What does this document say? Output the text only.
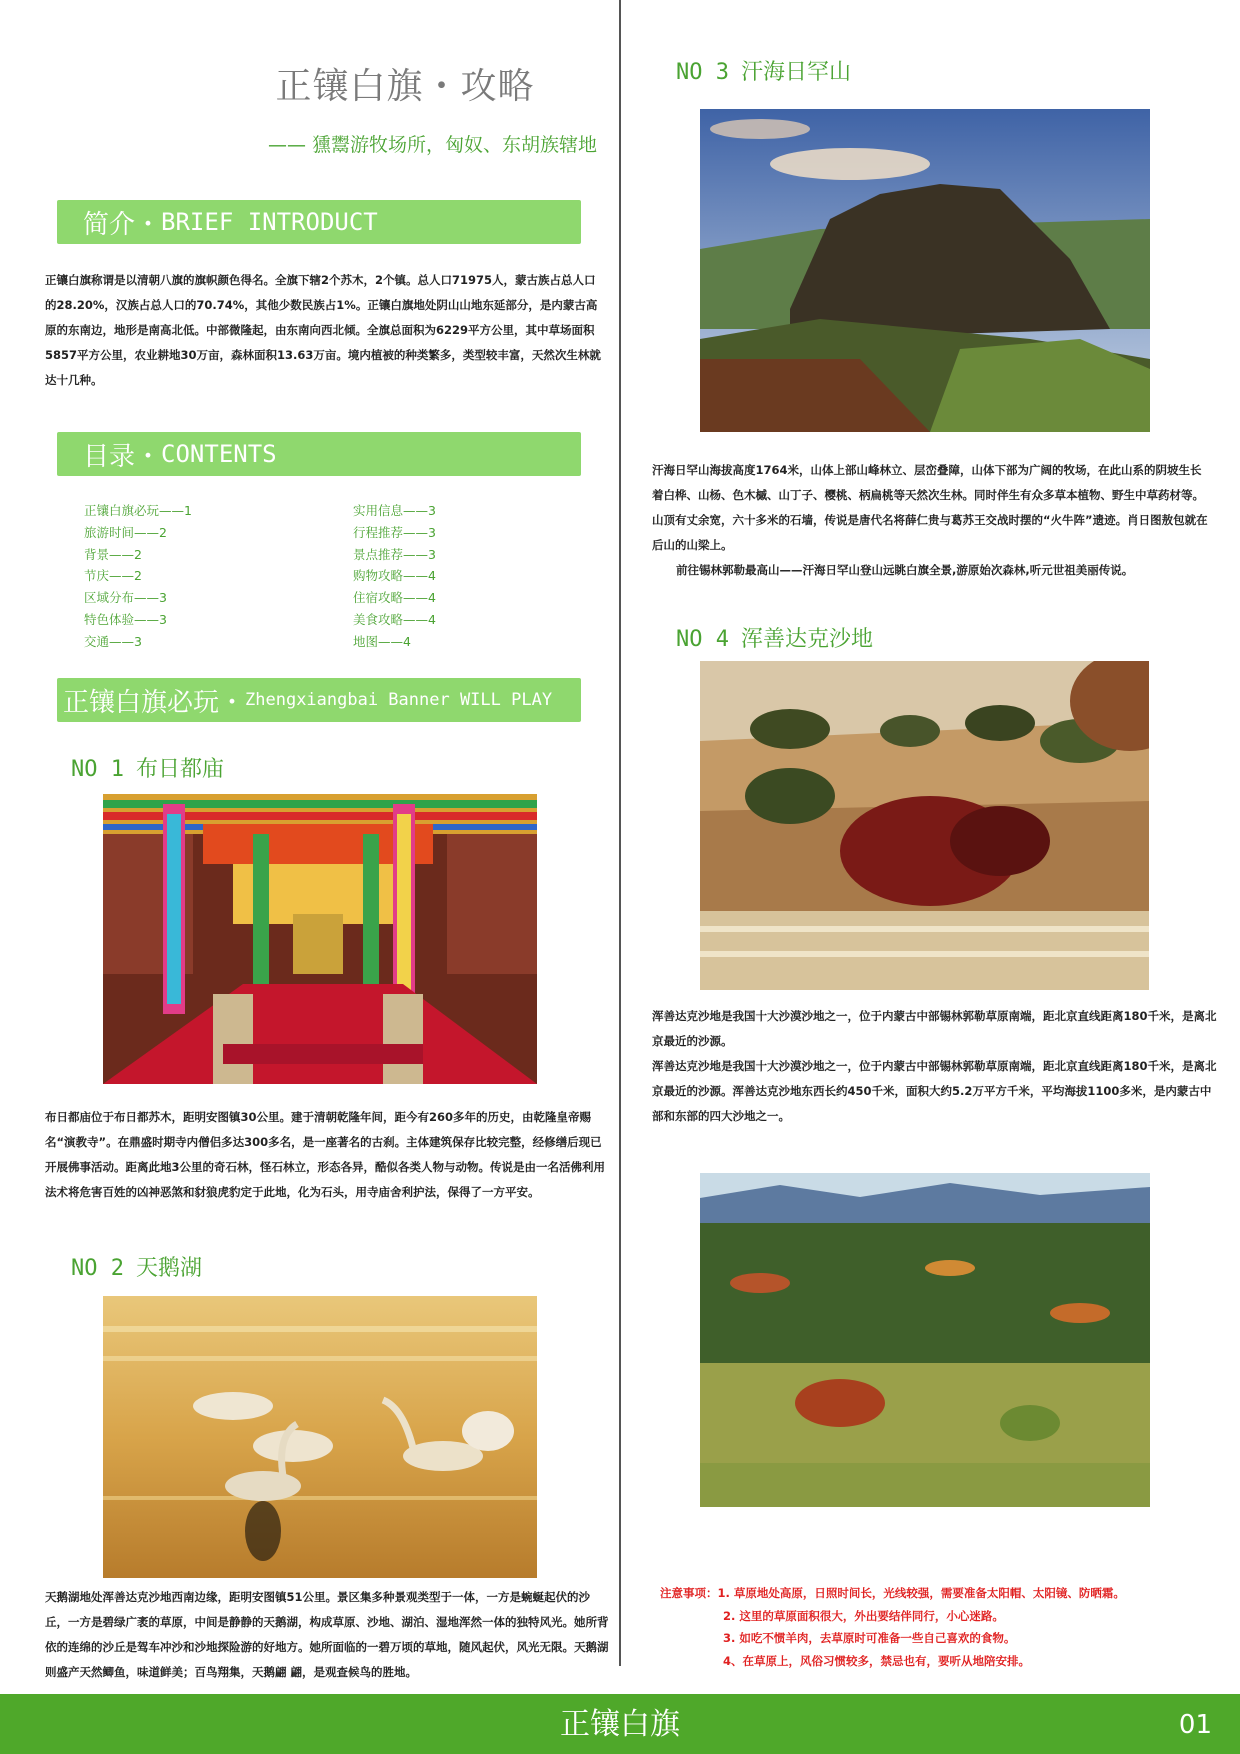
正镶白旗・攻略
—— 獯鬻游牧场所，匈奴、东胡族辖地
简介・ BRIEF INTRODUCT

正镶白旗称谓是以清朝八旗的旗帜颜色得名。全旗下辖2个苏木，2个镇。总人口71975人，蒙古族占总人口的28.20%，汉族占总人口的70.74%，其他少数民族占1%。正镶白旗地处阴山山地东延部分，是内蒙古高原的东南边，地形是南高北低。中部微隆起，由东南向西北倾。全旗总面积为6229平方公里，其中草场面积5857平方公里，农业耕地30万亩，森林面积13.63万亩。境内植被的种类繁多，类型较丰富，天然次生林就达十几种。

目录・ CONTENTS
正镶白旗必玩——1
旅游时间——2
背景——2
节庆——2
区域分布——3
特色体验——3
交通——3
实用信息——3
行程推荐——3
景点推荐——3
购物攻略——4
住宿攻略——4
美食攻略——4
地图——4
正镶白旗必玩・ Zhengxiangbai Banner WILL PLAY
NO 1 布日都庙

布日都庙位于布日都苏木，距明安图镇30公里。建于清朝乾隆年间，距今有260多年的历史，由乾隆皇帝赐名“演教寺”。在鼎盛时期寺内僧侣多达300多名，是一座著名的古刹。主体建筑保存比较完整，经修缮后现已开展佛事活动。距离此地3公里的奇石林，怪石林立，形态各异，酷似各类人物与动物。传说是由一名活佛利用法术将危害百姓的凶神恶煞和豺狼虎豹定于此地，化为石头，用寺庙舍利护法，保得了一方平安。

NO 2 天鹅湖

天鹅湖地处浑善达克沙地西南边缘，距明安图镇51公里。景区集多种景观类型于一体，一方是蜿蜒起伏的沙丘，一方是碧绿广袤的草原，中间是静静的天鹅湖，构成草原、沙地、湖泊、湿地浑然一体的独特风光。她所背依的连绵的沙丘是驾车冲沙和沙地探险游的好地方。她所面临的一碧万顷的草地，随风起伏，风光无限。天鹅湖则盛产天然鲫鱼，味道鲜美；百鸟翔集，天鹅翩 翩，是观查候鸟的胜地。

NO 3 汗海日罕山

汗海日罕山海拔高度1764米，山体上部山峰林立、层峦叠障，山体下部为广阔的牧场，在此山系的阴坡生长着白桦、山杨、色木槭、山丁子、樱桃、柄扁桃等天然次生林。同时伴生有众多草本植物、野生中草药材等。山顶有丈余宽，六十多米的石墙，传说是唐代名将薛仁贵与葛苏王交战时摆的“火牛阵”遗迹。肖日图敖包就在后山的山梁上。

前往锡林郭勒最高山——汗海日罕山登山远眺白旗全景,游原始次森林,听元世祖美丽传说。

NO 4 浑善达克沙地

浑善达克沙地是我国十大沙漠沙地之一，位于内蒙古中部锡林郭勒草原南端，距北京直线距离180千米，是离北京最近的沙源。

浑善达克沙地是我国十大沙漠沙地之一，位于内蒙古中部锡林郭勒草原南端，距北京直线距离180千米，是离北京最近的沙源。浑善达克沙地东西长约450千米，面积大约5.2万平方千米，平均海拔1100多米，是内蒙古中部和东部的四大沙地之一。

注意事项：1. 草原地处高原，日照时间长，光线较强，需要准备太阳帽、太阳镜、防晒霜。
2. 这里的草原面积很大，外出要结伴同行，小心迷路。
3. 如吃不惯羊肉，去草原时可准备一些自己喜欢的食物。
4、在草原上，风俗习惯较多，禁忌也有，要听从地陪安排。
正镶白旗	01
